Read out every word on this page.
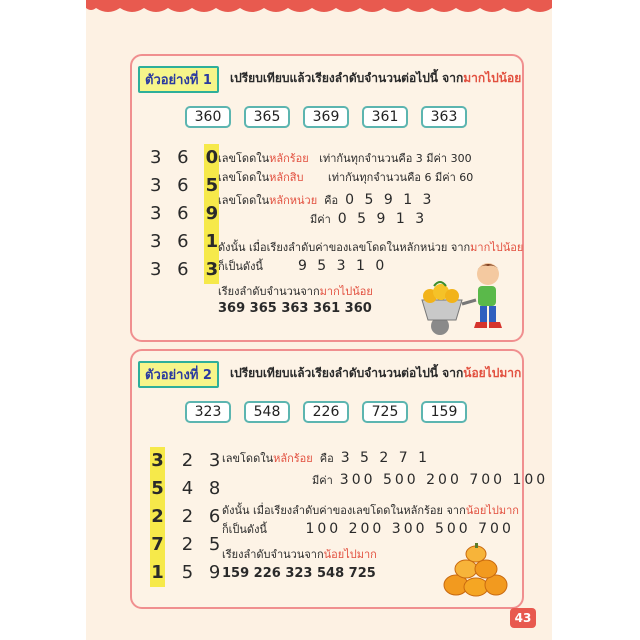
ตัวอย่างที่ 1	เปรียบเทียบแล้วเรียงลำดับจำนวนต่อไปนี้ จากมากไปน้อย
360	365	369	361	363
3 6 0
3 6 5
3 6 9
3 6 1
3 6 3
เลขโดดในหลักร้อย เท่ากันทุกจำนวนคือ 3 มีค่า 300
เลขโดดในหลักสิบ เท่ากันทุกจำนวนคือ 6 มีค่า 60
เลขโดดในหลักหน่วย คือ 0 5 9 1 3
มีค่า 0 5 9 1 3
ดังนั้น เมื่อเรียงลำดับค่าของเลขโดดในหลักหน่วย จากมากไปน้อย
ก็เป็นดังนี้ 9 5 3 1 0
เรียงลำดับจำนวนจากมากไปน้อย
369 365 363 361 360
ตัวอย่างที่ 2	เปรียบเทียบแล้วเรียงลำดับจำนวนต่อไปนี้ จากน้อยไปมาก
323	548	226	725	159
3 2 3
5 4 8
2 2 6
7 2 5
1 5 9
เลขโดดในหลักร้อย คือ 3 5 2 7 1
มีค่า 300 500 200 700 100
ดังนั้น เมื่อเรียงลำดับค่าของเลขโดดในหลักร้อย จากน้อยไปมาก
ก็เป็นดังนี้	100 200 300 500 700
เรียงลำดับจำนวนจากน้อยไปมาก
159 226 323 548 725
43
